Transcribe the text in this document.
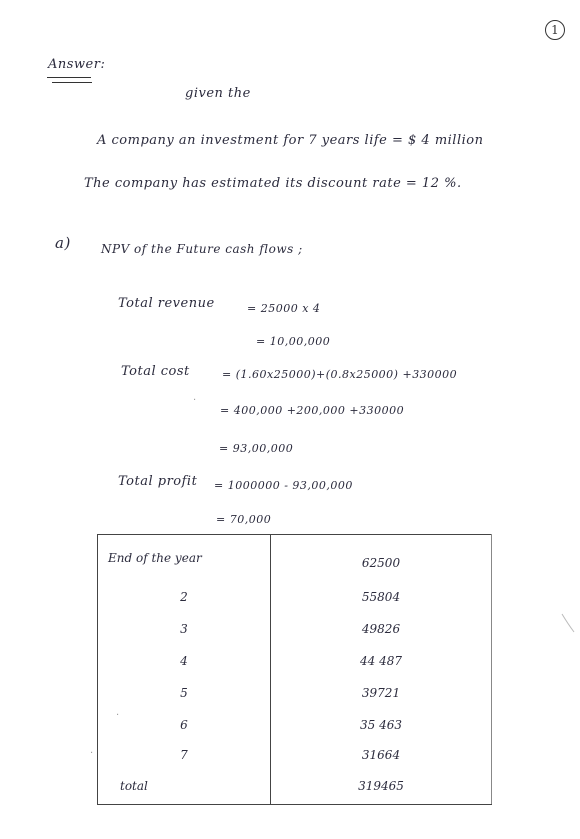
1
Answer:
given the
A company an investment for 7 years life = $ 4 million
The company has estimated its discount rate = 12 %.
a)	NPV of the Future cash flows ;
Total revenue	= 25000 x 4
= 10,00,000
Total cost	= (1.60x25000)+(0.8x25000) +330000
= 400,000 +200,000 +330000
= 93,00,000
Total profit = 1000000 - 93,00,000
= 70,000
End of the year	62500
2	55804
3	49826
4	44 487
5	39721
6	35 463
7	31664
total	319465
·
·
·
